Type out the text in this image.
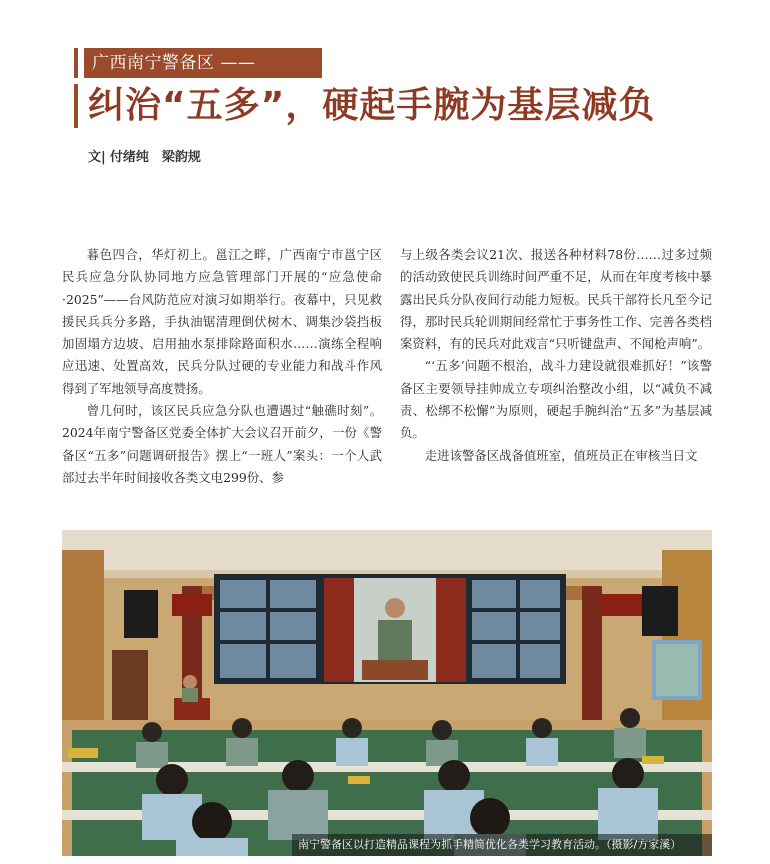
广西南宁警备区 ——
纠治“五多”，硬起手腕为基层减负
文| 付绪纯　梁韵规

暮色四合，华灯初上。邕江之畔，广西南宁市邕宁区民兵应急分队协同地方应急管理部门开展的“应急使命·2025”——台风防范应对演习如期举行。夜幕中，只见救援民兵兵分多路，手执油锯清理倒伏树木、调集沙袋挡板加固塌方边坡、启用抽水泵排除路面积水……演练全程响应迅速、处置高效，民兵分队过硬的专业能力和战斗作风得到了军地领导高度赞扬。

曾几何时，该区民兵应急分队也遭遇过“触礁时刻”。2024年南宁警备区党委全体扩大会议召开前夕，一份《警备区“五多”问题调研报告》摆上“一班人”案头：一个人武部过去半年时间接收各类文电299份、参

与上级各类会议21次、报送各种材料78份……过多过频的活动致使民兵训练时间严重不足，从而在年度考核中暴露出民兵分队夜间行动能力短板。民兵干部符长凡至今记得，那时民兵轮训期间经常忙于事务性工作、完善各类档案资料，有的民兵对此戏言“只听键盘声、不闻枪声响”。

“‘五多’问题不根治，战斗力建设就很难抓好！”该警备区主要领导挂帅成立专项纠治整改小组，以“减负不减责、松绑不松懈”为原则，硬起手腕纠治“五多”为基层减负。

走进该警备区战备值班室，值班员正在审核当日文

南宁警备区以打造精品课程为抓手精简优化各类学习教育活动。（摄影/方家溪）
